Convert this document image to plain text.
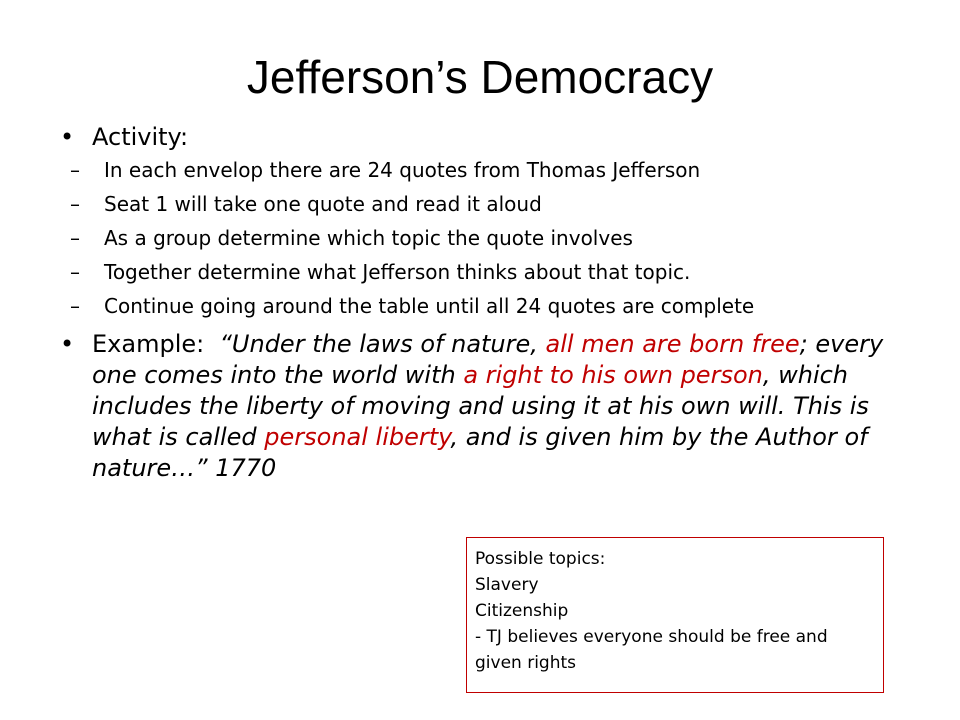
Jefferson’s Democracy
• Activity:
– In each envelop there are 24 quotes from Thomas Jefferson
– Seat 1 will take one quote and read it aloud
– As a group determine which topic the quote involves
– Together determine what Jefferson thinks about that topic.
– Continue going around the table until all 24 quotes are complete
• Example: “Under the laws of nature, all men are born free; every one comes into the world with a right to his own person, which includes the liberty of moving and using it at his own will. This is what is called personal liberty, and is given him by the Author of nature…” 1770
Possible topics:
Slavery
Citizenship
- TJ believes everyone should be free and given rights
